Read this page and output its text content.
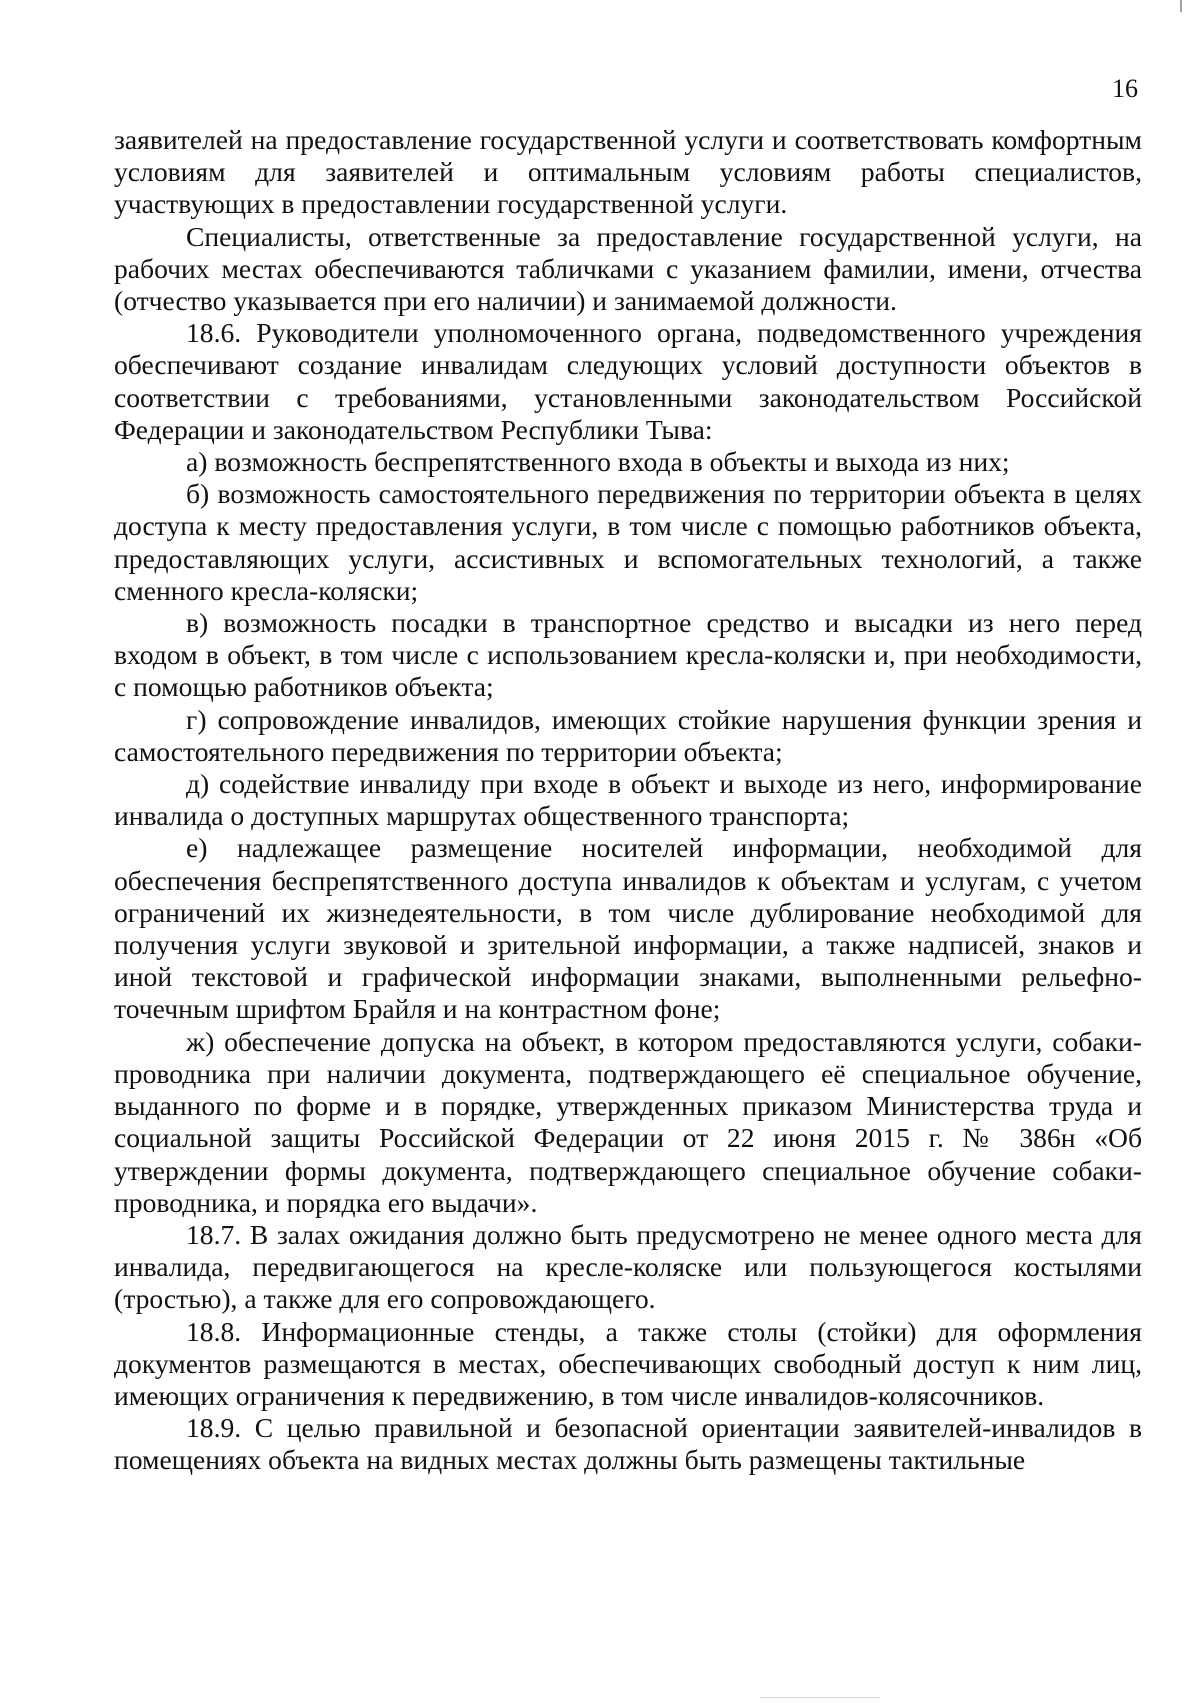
16

заявителей на предоставление государственной услуги и соответствовать комфортным условиям для заявителей и оптимальным условиям работы специалистов, участвующих в предоставлении государственной услуги.

Специалисты, ответственные за предоставление государственной услуги, на рабочих местах обеспечиваются табличками с указанием фамилии, имени, отчества (отчество указывается при его наличии) и занимаемой должности.

18.6. Руководители уполномоченного органа, подведомственного учреждения обеспечивают создание инвалидам следующих условий доступности объектов в соответствии с требованиями, установленными законодательством Российской Федерации и законодательством Республики Тыва:

а) возможность беспрепятственного входа в объекты и выхода из них;

б) возможность самостоятельного передвижения по территории объекта в целях доступа к месту предоставления услуги, в том числе с помощью работников объекта, предоставляющих услуги, ассистивных и вспомогательных технологий, а также сменного кресла-коляски;

в) возможность посадки в транспортное средство и высадки из него перед входом в объект, в том числе с использованием кресла-коляски и, при необходимости, с помощью работников объекта;

г) сопровождение инвалидов, имеющих стойкие нарушения функции зрения и самостоятельного передвижения по территории объекта;

д) содействие инвалиду при входе в объект и выходе из него, информирование инвалида о доступных маршрутах общественного транспорта;

е) надлежащее размещение носителей информации, необходимой для обеспечения беспрепятственного доступа инвалидов к объектам и услугам, с учетом ограничений их жизнедеятельности, в том числе дублирование необходимой для получения услуги звуковой и зрительной информации, а также надписей, знаков и иной текстовой и графической информации знаками, выполненными рельефно-точечным шрифтом Брайля и на контрастном фоне;

ж) обеспечение допуска на объект, в котором предоставляются услуги, собаки-проводника при наличии документа, подтверждающего её специальное обучение, выданного по форме и в порядке, утвержденных приказом Министерства труда и социальной защиты Российской Федерации от 22 июня 2015 г. № 386н «Об утверждении формы документа, подтверждающего специальное обучение собаки-проводника, и порядка его выдачи».

18.7. В залах ожидания должно быть предусмотрено не менее одного места для инвалида, передвигающегося на кресле-коляске или пользующегося костылями (тростью), а также для его сопровождающего.

18.8. Информационные стенды, а также столы (стойки) для оформления документов размещаются в местах, обеспечивающих свободный доступ к ним лиц, имеющих ограничения к передвижению, в том числе инвалидов-колясочников.

18.9. С целью правильной и безопасной ориентации заявителей-инвалидов в помещениях объекта на видных местах должны быть размещены тактильные
